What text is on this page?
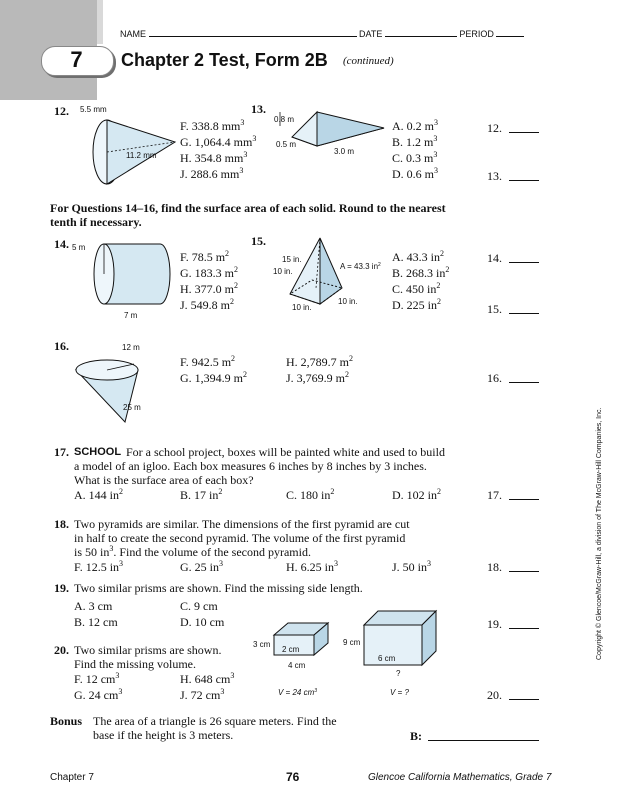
NAME	DATE	PERIOD
7	Chapter 2 Test, Form 2B (continued)
12. 5.5 mm
11.2 mm
F. 338.8 $mm^3$
G. 1,064.4 $mm^3$
H. 354.8 $mm^3$
J. 288.6 $mm^3$
13.
0.8 m
0.5 m
3.0 m
A. 0.2 $m^3$
B. 1.2 $m^3$
C. 0.3 $m^3$
D. 0.6 $m^3$
12.
13.
For Questions 14–16, find the surface area of each solid. Round to the nearest tenth if necessary.
14. 5 m
7 m
F. 78.5 $m^2$
G. 183.3 $m^2$
H. 377.0 $m^2$
J. 549.8 $m^2$
15.
15 in.
10 in.
A = 43.3 $in^2$
10 in.
10 in.
A. 43.3 $in^2$
B. 268.3 $in^2$
C. 450 $in^2$
D. 225 $in^2$
14.
15.
16.	12 m
25 m
F. 942.5 $m^2$	H. 2,789.7 $m^2$
G. 1,394.9 $m^2$	J. 3,769.9 $m^2$	16.
17. SCHOOL For a school project, boxes will be painted white and used to build
a model of an igloo. Each box measures 6 inches by 8 inches by 3 inches.
What is the surface area of each box?
A. 144 $in^2$	B. 17 $in^2$	C. 180 $in^2$	D. 102 $in^2$	17.
18. Two pyramids are similar. The dimensions of the first pyramid are cut
in half to create the second pyramid. The volume of the first pyramid
is 50 $in^3$. Find the volume of the second pyramid.
F. 12.5 $in^3$	G. 25 $in^3$	H. 6.25 $in^3$	J. 50 $in^3$	18.
19. Two similar prisms are shown. Find the missing side length.
A. 3 cm	C. 9 cm
B. 12 cm	D. 10 cm	19.
20. Two similar prisms are shown.
Find the missing volume.
F. 12 $cm^3$	H. 648 $cm^3$
G. 24 $cm^3$	J. 72 $cm^3$
3 cm
2 cm
4 cm
V = 24 $cm^3$
9 cm
6 cm
?
V = ?	20.
Bonus The area of a triangle is 26 square meters. Find the
base if the height is 3 meters.	B:
Copyright © Glencoe/McGraw-Hill, a division of The McGraw-Hill Companies, Inc.
Chapter 7	76	Glencoe California Mathematics, Grade 7
